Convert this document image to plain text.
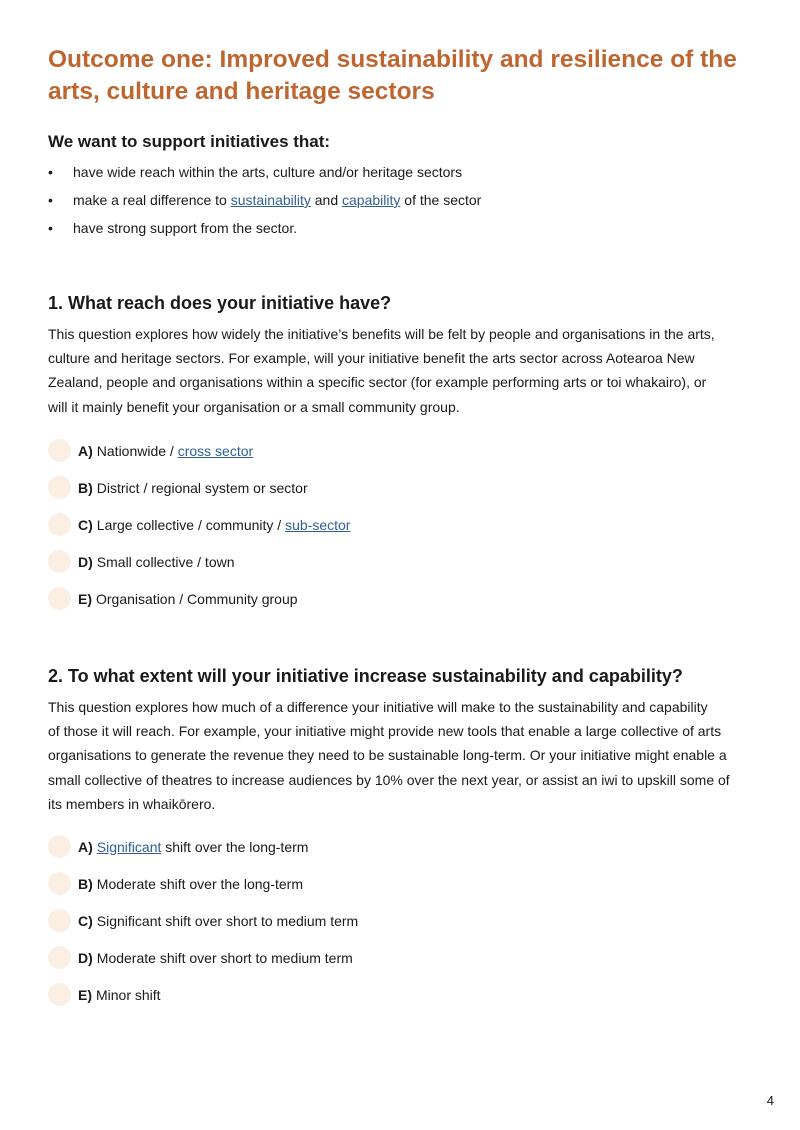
Outcome one: Improved sustainability and resilience of the arts, culture and heritage sectors
We want to support initiatives that:
• have wide reach within the arts, culture and/or heritage sectors
• make a real difference to sustainability and capability of the sector
• have strong support from the sector.
1. What reach does your initiative have?
This question explores how widely the initiative’s benefits will be felt by people and organisations in the arts,
culture and heritage sectors. For example, will your initiative benefit the arts sector across Aotearoa New
Zealand, people and organisations within a specific sector (for example performing arts or toi whakairo), or
will it mainly benefit your organisation or a small community group.
A) Nationwide /
cross sector
B) District / regional system or sector
C) Large collective / community /
sub-sector
D) Small collective / town
E) Organisation / Community group
2. To what extent will your initiative increase sustainability and capability?
This question explores how much of a difference your initiative will make to the sustainability and capability
of those it will reach. For example, your initiative might provide new tools that enable a large collective of arts
organisations to generate the revenue they need to be sustainable long-term. Or your initiative might enable a
small collective of theatres to increase audiences by 10% over the next year, or assist an iwi to upskill some of
its members in whaikōrero.
A) Significant shift over the long-term
B) Moderate shift over the long-term
C) Significant shift over short to medium term
D) Moderate shift over short to medium term
E) Minor shift
4
